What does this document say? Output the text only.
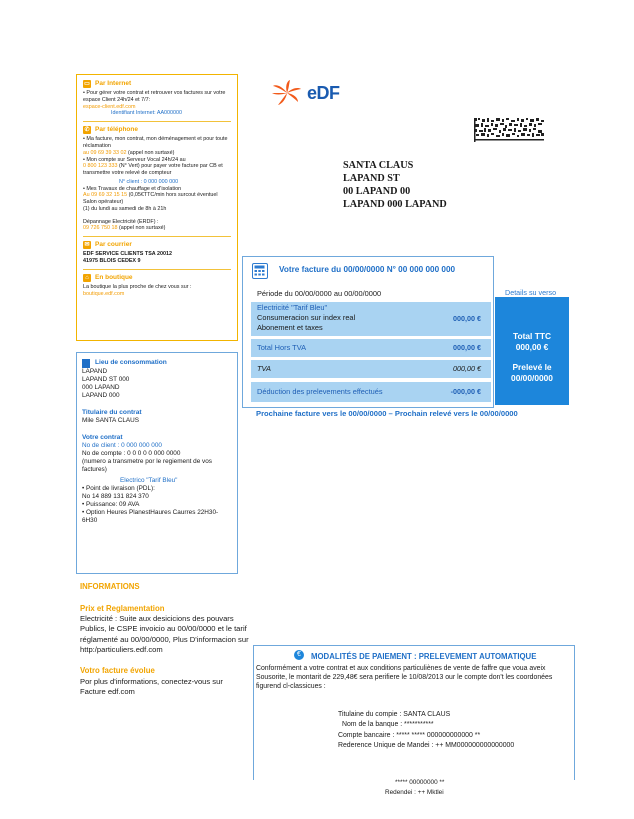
▭ Par Internet
• Pour gérer votre contrat et retrouver vos factures sur votre espace Client 24h/24 et 7/7:
espace-client.edf.com
Identifiant Internet: AA000000
✆ Par téléphone
• Ma facture, mon contrat, mon déménagement et pour toute réclamation
au 09 69 39 33 02 (appel non surtaxé)
• Mon compte sur Serveur Vocal 24h/24 au
0 800 123 333 (N° Vert) pour payer votre facture par CB et transmettre votre relevé de compteur
N° client : 0 000 000 000
• Mes Travaux de chauffage et d'isolation
Au 09 69 32 15 15 (0,05€TTC/min hors surcout éventuel Salon opérateur)
(1) du lundi au samedi de 8h à 21h
Dépannage Electricité (ERDF) :
09 726 750 18 (appel non surtaxé)
✉ Par courrier
EDF SERVICE CLIENTS TSA 20012
41975 BLOIS CEDEX 9
⌂ En boutique
La boutique la plus proche de chez vous sur :
boutique.edf.com
Lieu de consommation
LAPAND
LAPAND ST 000
000 LAPAND
LAPAND 000
Titulaire du contrat
Mile SANTA CLAUS
Votre contrat
No de client : 0 000 000 000
No de compte : 0 0 0 0 0 000 0000
(numero a transmetre por le regiement de vos factures)
Electrico "Tarif Bleu"
• Point de livraison (PDL):
No 14 889 131 824 370
• Puissance: 09 AVA
• Option Heures PlanestHaures Caurres 22H30-6H30
INFORMATIONS
Prix et Reglamentation
Electricité : Suite aux desicicions des pouvars Publics, le CSPE invoicio au 00/00/0000 et le tarif réglamenté au 00/00/0000, Plus D'informacion sur http:/particuliers.edf.com
Votro facture évolue
Por plus d'informations, conectez-vous sur Facture edf.com
eDF
SANTA CLAUS
LAPAND ST
00 LAPAND 00
LAPAND 000 LAPAND
Votre facture du 00/00/0000 N° 00 000 000 000
Période du 00/00/0000 au 00/00/0000
Electricité "Tarif Bleu"
Consumeracion sur index real
Abonement et taxes
000,00 €
Total Hors TVA	000,00 €
TVA	000,00 €
Déduction des prelevements effectués	-000,00 €
Details su verso
Total TTC
000,00 €
Prelevé le
00/00/0000
Prochaine facture vers le 00/00/0000 – Prochain relevé vers le 00/00/0000
€	MODALITÉS DE PAIEMENT : PRELEVEMENT AUTOMATIQUE
Conformément a votre contrat et aux conditions particuliènes de vente de faffre que voua aveix Sousorite, le montarit de 229,48€ sera perifiere le 10/08/2013 our le compte don't les coordonées figurend cl-classicues :
Titulaine du compie : SANTA CLAUS
Nom de la banque : ***********
Compte bancaire : ***** ***** 000000000000 **
Rederence Unique de Mandei : ++ MM000000000000000
***** 00000000 **
Redendei : ++ Mktlei
